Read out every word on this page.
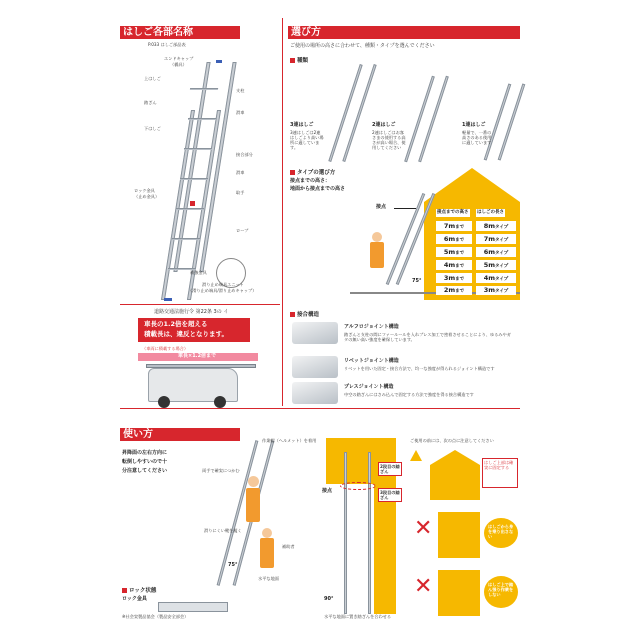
はしご各部名称
P.033 はしご部品表
エンドキャップ
（橋具）
上はしご
踏ざん
下はしご
ロック金具
（止め金具）
支柱
滑車
接合部分
滑車
取手
ロープ
補強金具
滑り止め端具ユニット
（滑り止め端具/滑り止めキャップ）
道路交通法施行令 第22条 3の イ
車長の1.2倍を超える
積載長は、違反となります。
（車両に積載する場合）
車長×1.2倍まで
選び方
ご使用の場所の高さに合わせて、種類・タイプを選んでください
種類
3連はしご
3連はしごは2連はしごより高い場所に適しています。
2連はしご
2連はしごはお客さまの使用する高さが高い場合、使用してください
1連はしご
軽量で、一番の高さのある使用に適しています
タイプの選び方
接点までの高さ：
地面から接点までの高さ
接点
75°
接点までの高さ はしごの長さ
7mまで	8mタイプ
6mまで	7mタイプ
5mまで	6mタイプ
4mまで	5mタイプ
3mまで	4mタイプ
2mまで	3mタイプ
接合構造
アルフロジョイント構造
踏ざんと支柱の間にファールールを入れプレス加工で密着させることにより、ゆるみやガタの無い高い強度を確保しています。
リベットジョイント構造
リベットを用いた固定・接合方法で、均一な強度が得られるジョイント構造です
プレスジョイント構造
中空の踏ざんにはさみ込んで固定する方法で強度を得る接合構造です
使い方
昇降面の左右方向に
転倒しやすいので十
分注意してください
作業帽（ヘルメット）を着用
両手で確実につかむ
滑りにくい靴を履く
補助者
75°
水平な地面
ロック状態
ロック金具
※社会実製品協会（製品安全部会）
2段目の踏ざん
3段目の踏ざん
接点
90°
水平な地面に置き踏ざんを合わせる
ご使用の前には、次の点に注意してください
はしご上部は確実に固定する
✕	はしごから身を乗り出さない
✕	はしご上で踏ん張り作業をしない
